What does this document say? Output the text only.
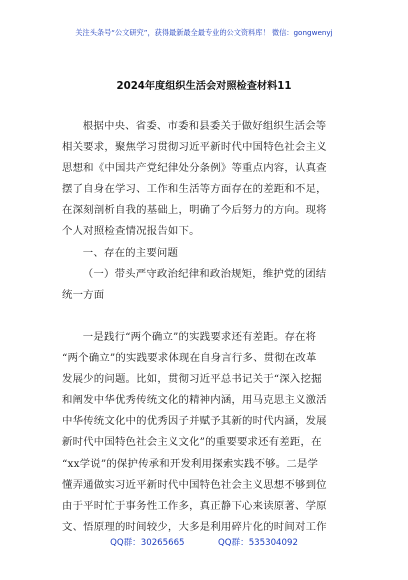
关注头条号“公文研究”，获得最新最全最专业的公文资料库！ 微信：gongwenyj
2024年度组织生活会对照检查材料11

根据中央、省委、市委和县委关于做好组织生活会等
相关要求，聚焦学习贯彻习近平新时代中国特色社会主义
思想和《中国共产党纪律处分条例》等重点内容，认真查
摆了自身在学习、工作和生活等方面存在的差距和不足，
在深刻剖析自我的基础上，明确了今后努力的方向。现将
个人对照检查情况报告如下。

一、存在的主要问题

（一）带头严守政治纪律和政治规矩，维护党的团结
统一方面

一是践行“两个确立”的实践要求还有差距。存在将
“两个确立”的实践要求体现在自身言行多、贯彻在改革
发展少的问题。比如，贯彻习近平总书记关于“深入挖掘
和阐发中华优秀传统文化的精神内涵，用马克思主义激活
中华传统文化中的优秀因子并赋予其新的时代内涵，发展
新时代中国特色社会主义文化”的重要要求还有差距，在
“xx学说”的保护传承和开发利用探索实践不够。二是学
懂弄通做实习近平新时代中国特色社会主义思想不够到位
由于平时忙于事务性工作多，真正静下心来读原著、学原
文、悟原理的时间较少，大多是利用碎片化的时间对工作

QQ群：30265665	QQ群：535304092
